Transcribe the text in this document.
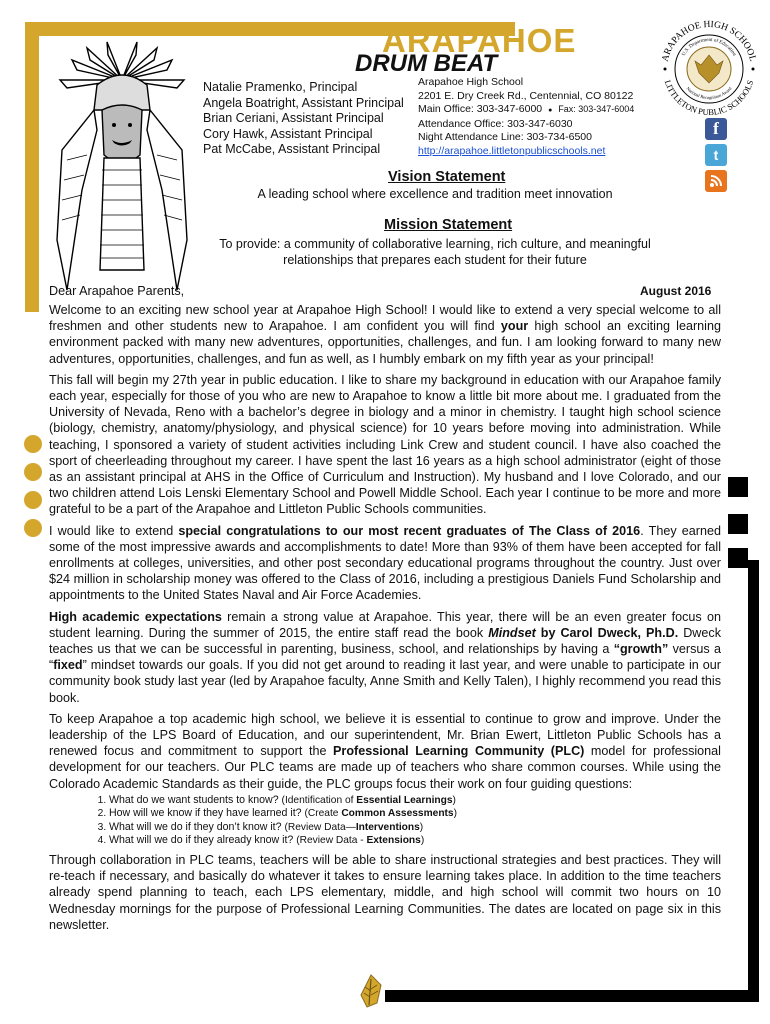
ARAPAHOE
DRUM BEAT
Natalie Pramenko, Principal
Angela Boatright, Assistant Principal
Brian Ceriani, Assistant Principal
Cory Hawk, Assistant Principal
Pat McCabe, Assistant Principal
Arapahoe High School
2201 E. Dry Creek Rd., Centennial, CO 80122
Main Office: 303-347-6000 ● Fax: 303-347-6004
Attendance Office: 303-347-6030
Night Attendance Line: 303-734-6500
http://arapahoe.littletonpublicschools.net
ARAPAHOE HIGH SCHOOL
LITTLETON PUBLIC SCHOOLS
U.S. Department of Education
National Recognition Award
f
t
Vision Statement
A leading school where excellence and tradition meet innovation
Mission Statement
To provide: a community of collaborative learning, rich culture, and meaningful
relationships that prepares each student for their future
Dear Arapahoe Parents,	August 2016

Welcome to an exciting new school year at Arapahoe High School! I would like to extend a very special welcome to all freshmen and other students new to Arapahoe. I am confident you will find your high school an exciting learning environment packed with many new adventures, opportunities, challenges, and fun. I am looking forward to many new adventures, opportunities, challenges, and fun as well, as I humbly embark on my fifth year as your principal!

This fall will begin my 27th year in public education. I like to share my background in education with our Arapahoe family each year, especially for those of you who are new to Arapahoe to know a little bit more about me. I graduated from the University of Nevada, Reno with a bachelor’s degree in biology and a minor in chemistry. I taught high school science (biology, chemistry, anatomy/physiology, and physical science) for 10 years before moving into administration. While teaching, I sponsored a variety of student activities including Link Crew and student council. I have also coached the sport of cheerleading throughout my career. I have spent the last 16 years as a high school administrator (eight of those as an assistant principal at AHS in the Office of Curriculum and Instruction). My husband and I love Colorado, and our two children attend Lois Lenski Elementary School and Powell Middle School. Each year I continue to be more and more grateful to be a part of the Arapahoe and Littleton Public Schools communities.

I would like to extend special congratulations to our most recent graduates of The Class of 2016. They earned some of the most impressive awards and accomplishments to date! More than 93% of them have been accepted for fall enrollments at colleges, universities, and other post secondary educational programs throughout the country. Just over $24 million in scholarship money was offered to the Class of 2016, including a prestigious Daniels Fund Scholarship and appointments to the United States Naval and Air Force Academies.

High academic expectations remain a strong value at Arapahoe. This year, there will be an even greater focus on student learning. During the summer of 2015, the entire staff read the book Mindset by Carol Dweck, Ph.D. Dweck teaches us that we can be successful in parenting, business, school, and relationships by having a “growth” versus a “fixed” mindset towards our goals. If you did not get around to reading it last year, and were unable to participate in our community book study last year (led by Arapahoe faculty, Anne Smith and Kelly Talen), I highly recommend you read this book.

To keep Arapahoe a top academic high school, we believe it is essential to continue to grow and improve. Under the leadership of the LPS Board of Education, and our superintendent, Mr. Brian Ewert, Littleton Public Schools has a renewed focus and commitment to support the Professional Learning Community (PLC) model for professional development for our teachers. Our PLC teams are made up of teachers who share common courses. While using the Colorado Academic Standards as their guide, the PLC groups focus their work on four guiding questions:

1. What do we want students to know? (Identification of Essential Learnings)
2. How will we know if they have learned it? (Create Common Assessments)
3. What will we do if they don’t know it? (Review Data—Interventions)
4. What will we do if they already know it? (Review Data - Extensions)

Through collaboration in PLC teams, teachers will be able to share instructional strategies and best practices. They will re-teach if necessary, and basically do whatever it takes to ensure learning takes place. In addition to the time teachers already spend planning to teach, each LPS elementary, middle, and high school will commit two hours on 10 Wednesday mornings for the purpose of Professional Learning Communities. The dates are located on page six in this newsletter.
